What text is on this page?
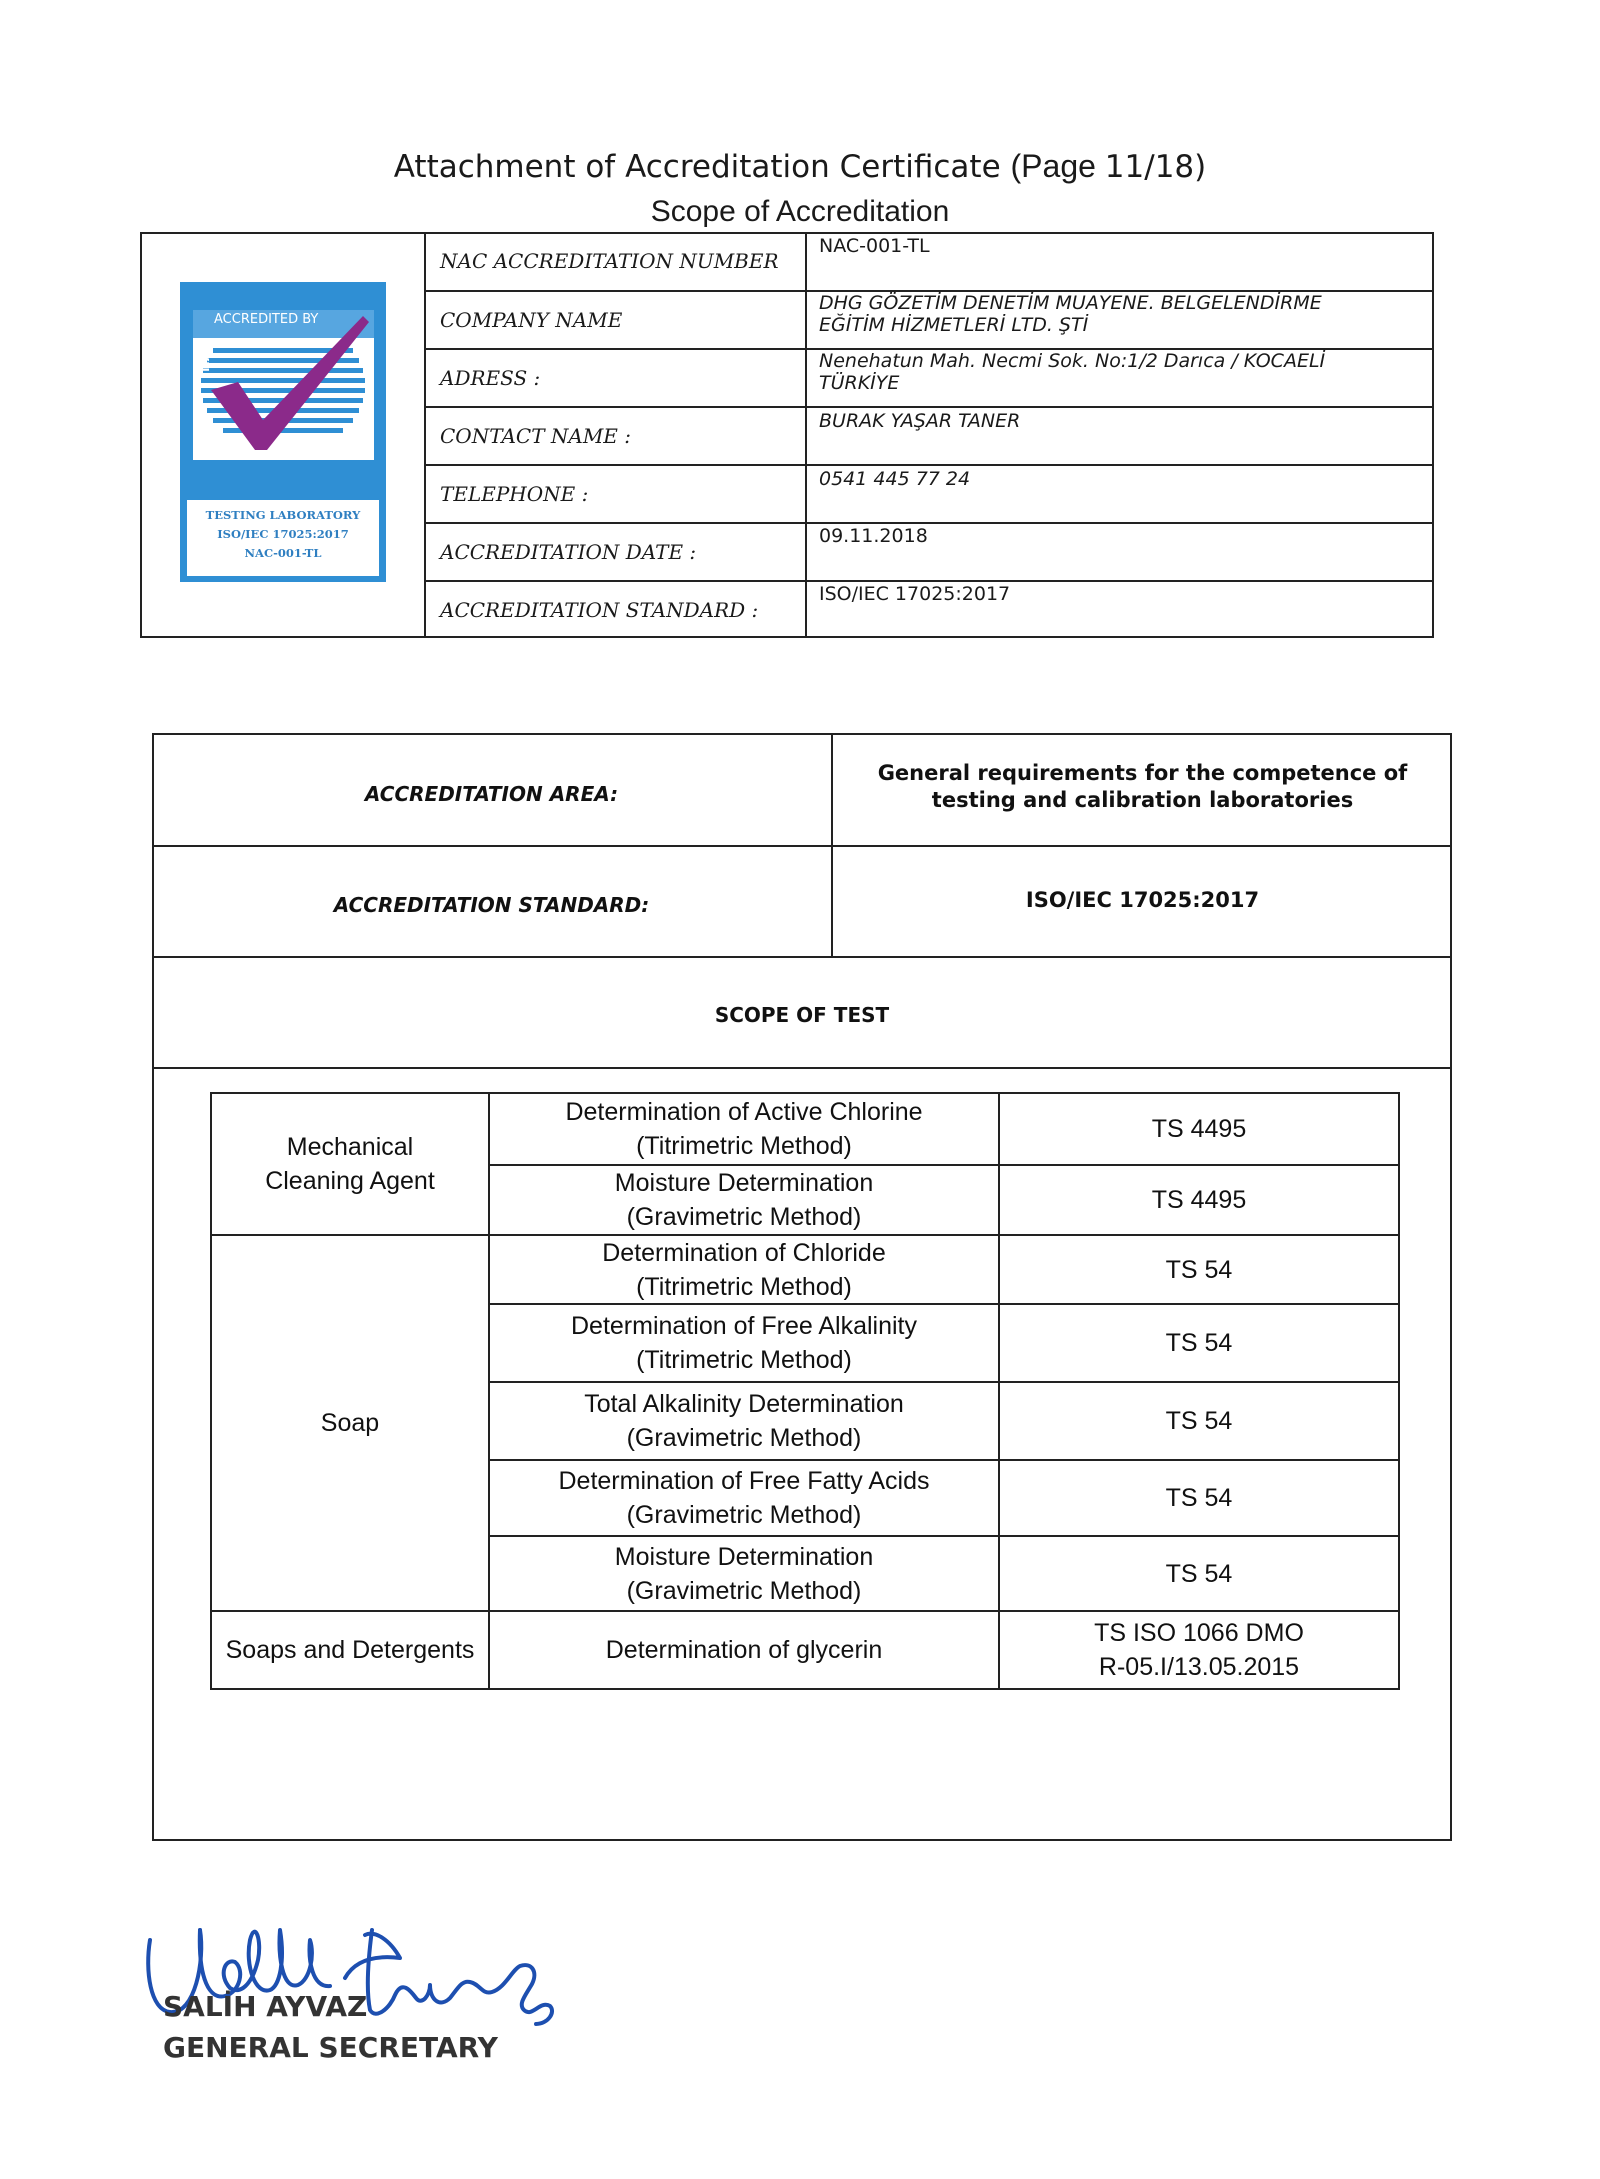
Attachment of Accreditation Certificate (Page 11/18)
Scope of Accreditation
ACCREDITED BY
NAC
TESTING LABORATORY
ISO/IEC 17025:2017
NAC-001-TL
NAC ACCREDITATION NUMBER
COMPANY NAME
ADRESS :
CONTACT NAME :
TELEPHONE :
ACCREDITATION DATE :
ACCREDITATION STANDARD :
NAC-001-TL
DHG GÖZETİM DENETİM MUAYENE. BELGELENDİRME
EĞİTİM HİZMETLERİ LTD. ŞTİ
Nenehatun Mah. Necmi Sok. No:1/2 Darıca / KOCAELİ
TÜRKİYE
BURAK YAŞAR TANER
0541 445 77 24
09.11.2018
ISO/IEC 17025:2017
ACCREDITATION AREA:
General requirements for the competence of
testing and calibration laboratories
ACCREDITATION STANDARD:	ISO/IEC 17025:2017
SCOPE OF TEST
Mechanical Cleaning Agent
Soap
Soaps and Detergents
Determination of Active Chlorine
(Titrimetric Method)
Moisture Determination
(Gravimetric Method)
Determination of Chloride
(Titrimetric Method)
Determination of Free Alkalinity
(Titrimetric Method)
Total Alkalinity Determination
(Gravimetric Method)
Determination of Free Fatty Acids
(Gravimetric Method)
Moisture Determination
(Gravimetric Method)
Determination of glycerin
TS 4495
TS 4495
TS 54
TS 54
TS 54
TS 54
TS 54
TS ISO 1066 DMO
R-05.I/13.05.2015
SALİH AYVAZ
GENERAL SECRETARY
